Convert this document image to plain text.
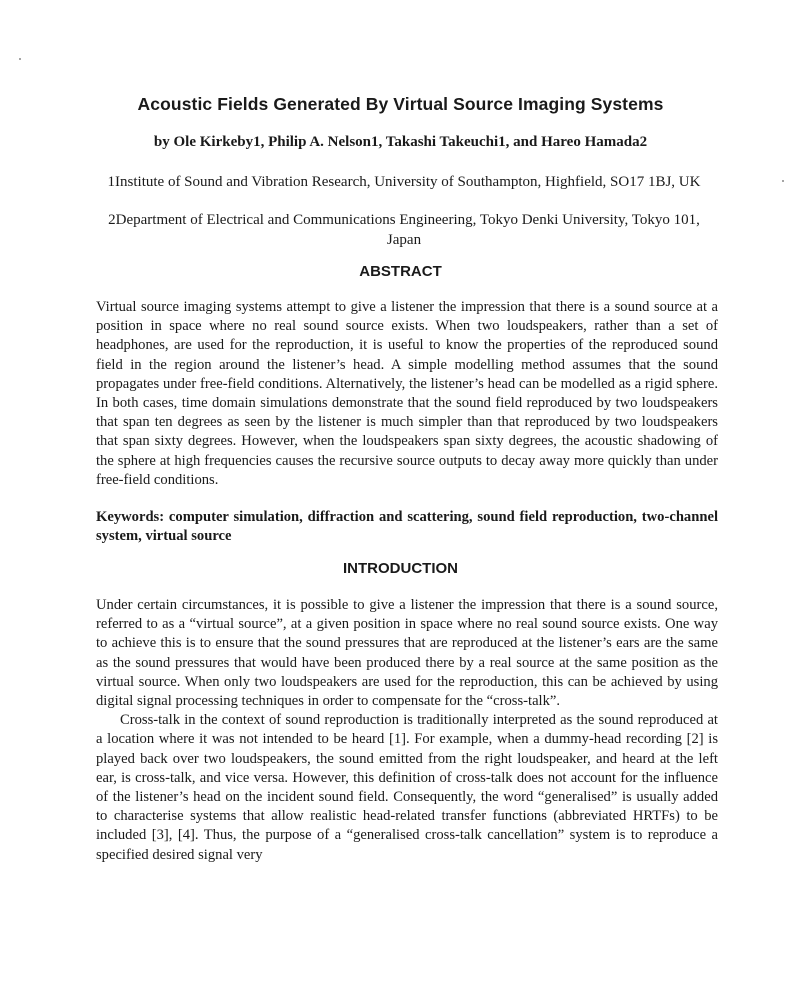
Acoustic Fields Generated By Virtual Source Imaging Systems
by Ole Kirkeby1, Philip A. Nelson1, Takashi Takeuchi1, and Hareo Hamada2
1Institute of Sound and Vibration Research, University of Southampton, Highfield, SO17 1BJ, UK
2Department of Electrical and Communications Engineering, Tokyo Denki University, Tokyo 101, Japan
ABSTRACT
Virtual source imaging systems attempt to give a listener the impression that there is a sound source at a position in space where no real sound source exists. When two loudspeakers, rather than a set of headphones, are used for the reproduction, it is useful to know the properties of the reproduced sound field in the region around the listener’s head. A simple modelling method assumes that the sound propagates under free-field conditions. Alternatively, the listener’s head can be modelled as a rigid sphere. In both cases, time domain simulations demonstrate that the sound field reproduced by two loudspeakers that span ten degrees as seen by the listener is much simpler than that reproduced by two loudspeakers that span sixty degrees. However, when the loudspeakers span sixty degrees, the acoustic shadowing of the sphere at high frequencies causes the recursive source outputs to decay away more quickly than under free-field conditions.
Keywords: computer simulation, diffraction and scattering, sound field reproduction, two-channel system, virtual source
INTRODUCTION

Under certain circumstances, it is possible to give a listener the impression that there is a sound source, referred to as a “virtual source”, at a given position in space where no real sound source exists. One way to achieve this is to ensure that the sound pressures that are reproduced at the listener’s ears are the same as the sound pressures that would have been produced there by a real source at the same position as the virtual source. When only two loudspeakers are used for the reproduction, this can be achieved by using digital signal processing techniques in order to compensate for the “cross-talk”.

Cross-talk in the context of sound reproduction is traditionally interpreted as the sound reproduced at a location where it was not intended to be heard [1]. For example, when a dummy-head recording [2] is played back over two loudspeakers, the sound emitted from the right loudspeaker, and heard at the left ear, is cross-talk, and vice versa. However, this definition of cross-talk does not account for the influence of the listener’s head on the incident sound field. Consequently, the word “generalised” is usually added to characterise systems that allow realistic head-related transfer functions (abbreviated HRTFs) to be included [3], [4]. Thus, the purpose of a “generalised cross-talk cancellation” system is to reproduce a specified desired signal very
